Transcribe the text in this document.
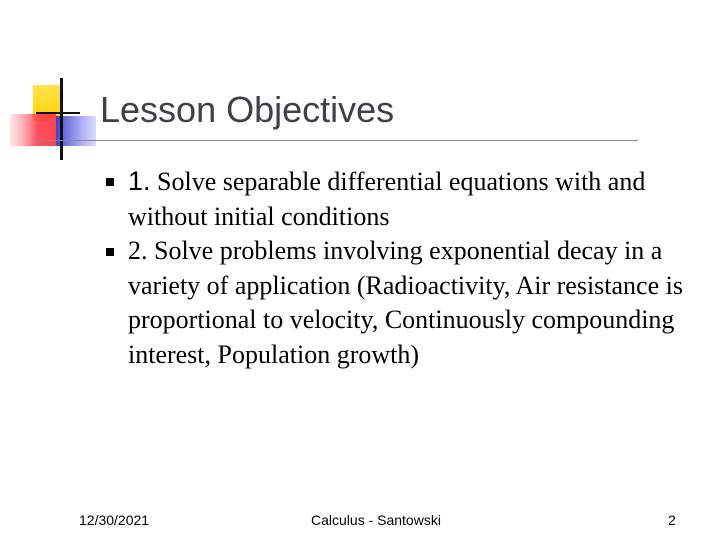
Lesson Objectives
1. Solve separable differential equations with and without initial conditions
2. Solve problems involving exponential decay in a variety of application (Radioactivity, Air resistance is proportional to velocity, Continuously compounding interest, Population growth)
12/30/2021	Calculus - Santowski	2
